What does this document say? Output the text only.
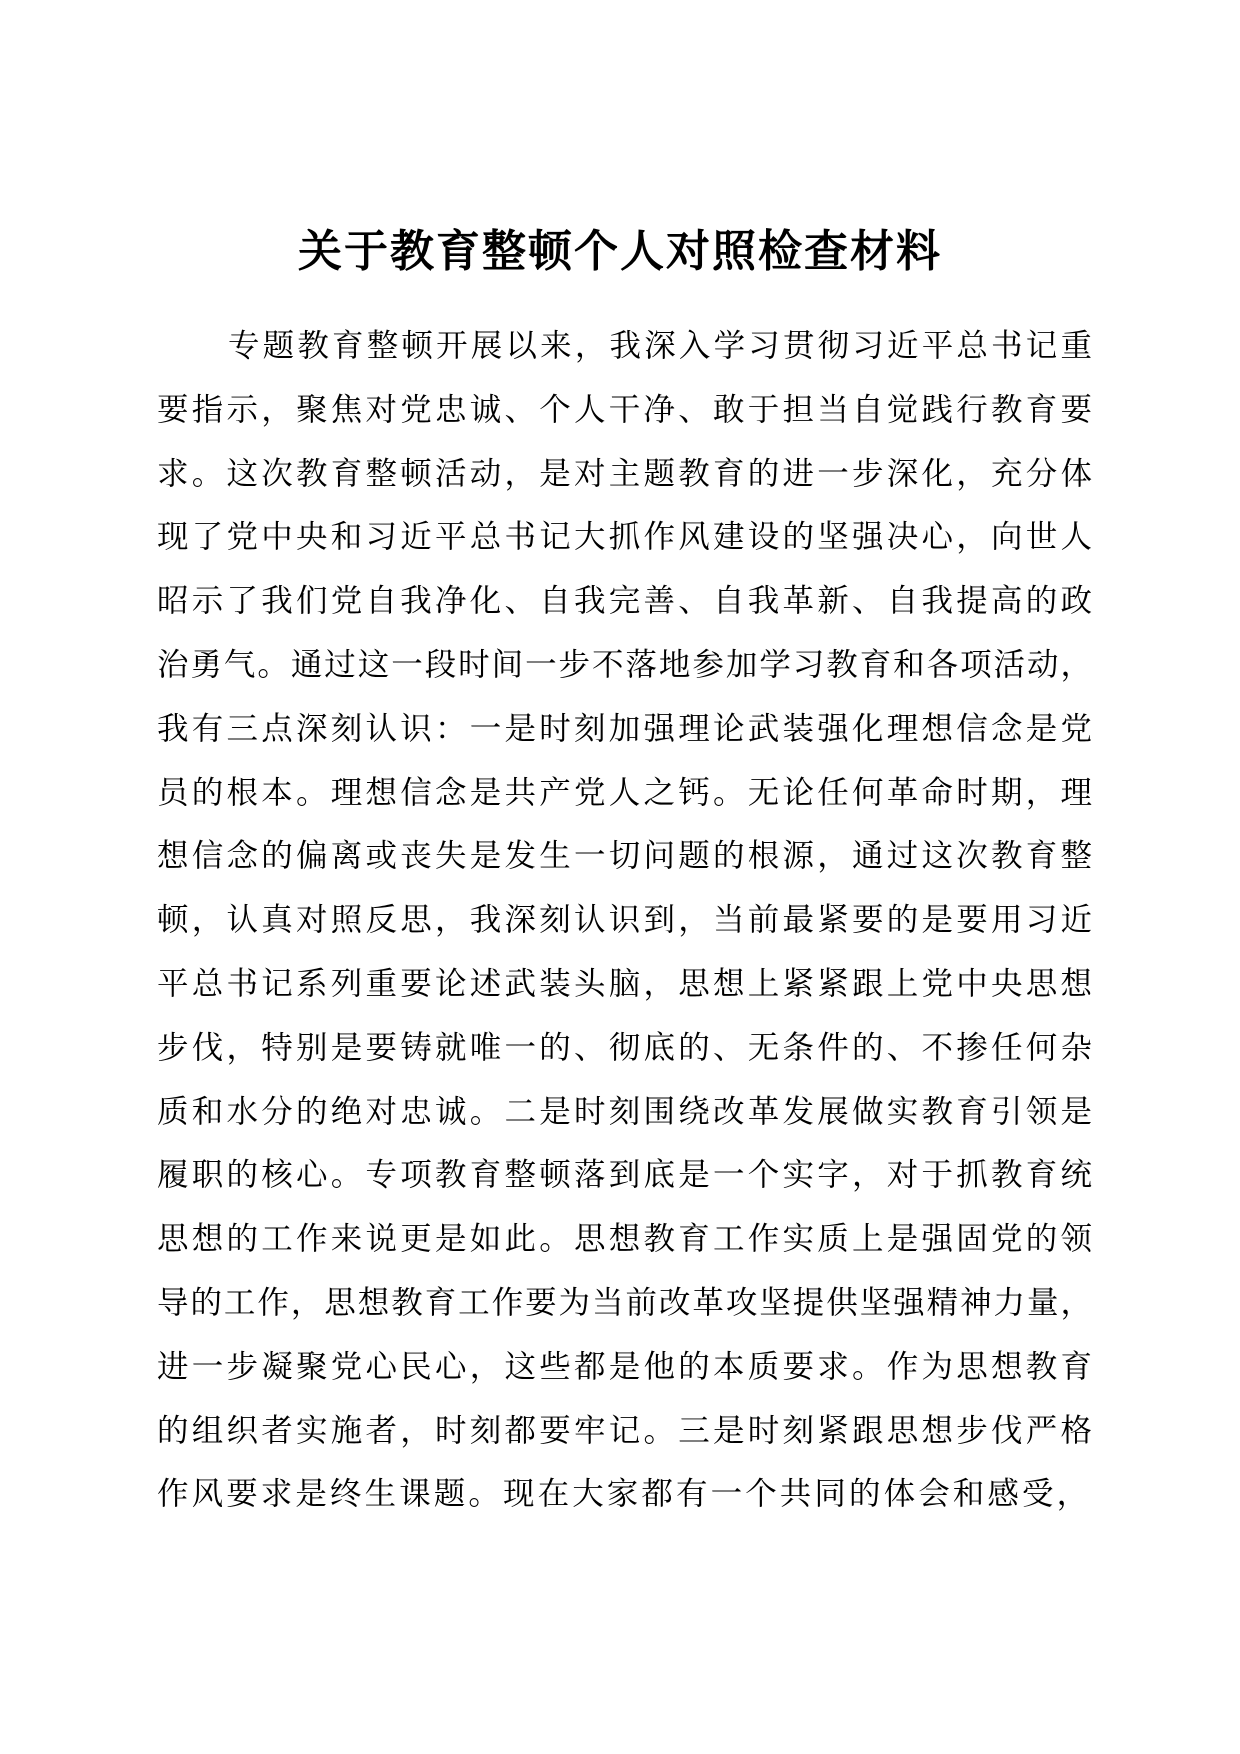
关于教育整顿个人对照检查材料
专题教育整顿开展以来，我深入学习贯彻习近平总书记重
要指示，聚焦对党忠诚、个人干净、敢于担当自觉践行教育要
求。这次教育整顿活动，是对主题教育的进一步深化，充分体
现了党中央和习近平总书记大抓作风建设的坚强决心，向世人
昭示了我们党自我净化、自我完善、自我革新、自我提高的政
治勇气。通过这一段时间一步不落地参加学习教育和各项活动，
我有三点深刻认识：一是时刻加强理论武装强化理想信念是党
员的根本。理想信念是共产党人之钙。无论任何革命时期，理
想信念的偏离或丧失是发生一切问题的根源，通过这次教育整
顿，认真对照反思，我深刻认识到，当前最紧要的是要用习近
平总书记系列重要论述武装头脑，思想上紧紧跟上党中央思想
步伐，特别是要铸就唯一的、彻底的、无条件的、不掺任何杂
质和水分的绝对忠诚。二是时刻围绕改革发展做实教育引领是
履职的核心。专项教育整顿落到底是一个实字，对于抓教育统
思想的工作来说更是如此。思想教育工作实质上是强固党的领
导的工作，思想教育工作要为当前改革攻坚提供坚强精神力量，
进一步凝聚党心民心，这些都是他的本质要求。作为思想教育
的组织者实施者，时刻都要牢记。三是时刻紧跟思想步伐严格
作风要求是终生课题。现在大家都有一个共同的体会和感受，
